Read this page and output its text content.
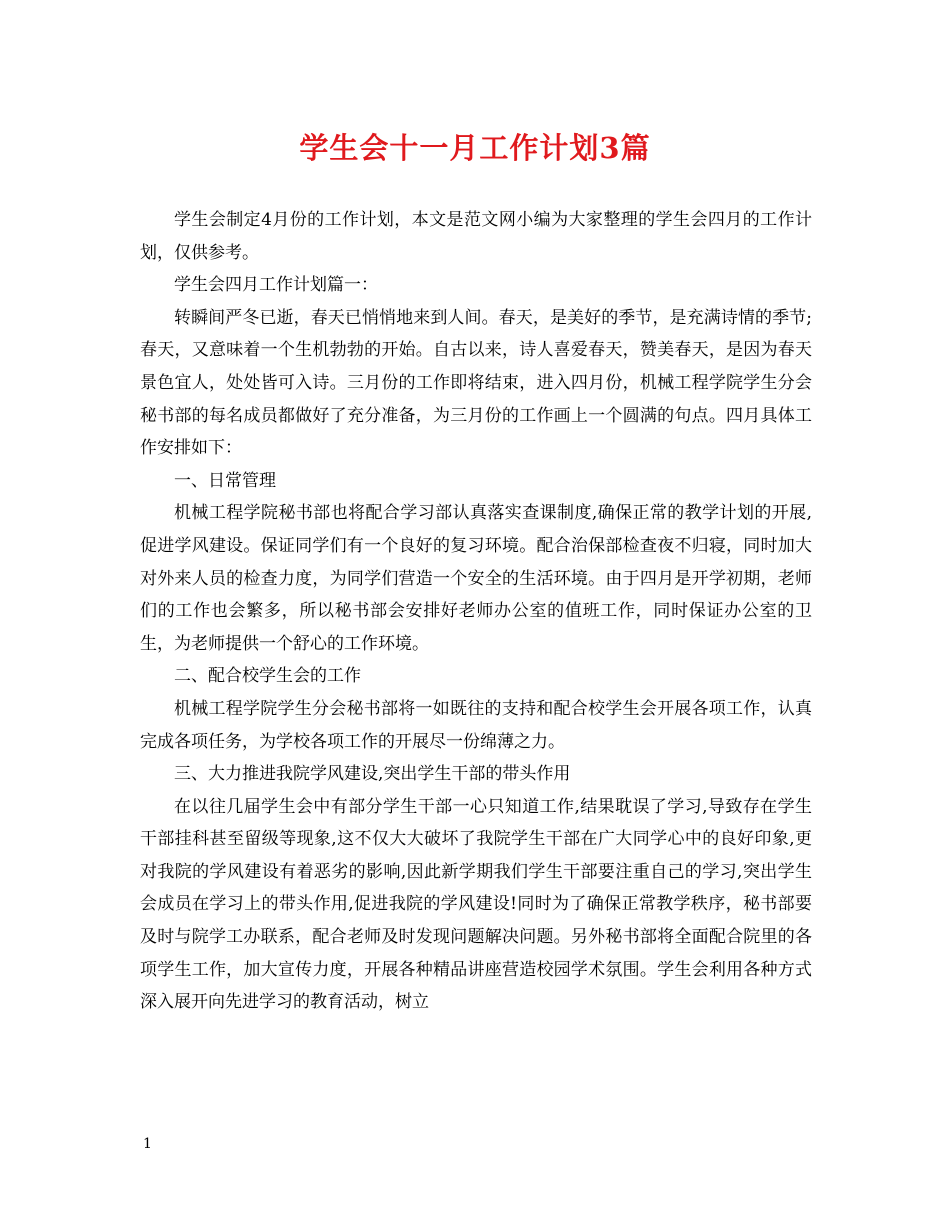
学生会十一月工作计划3篇

学生会制定4月份的工作计划，本文是范文网小编为大家整理的学生会四月的工作计划，仅供参考。

学生会四月工作计划篇一：

转瞬间严冬已逝，春天已悄悄地来到人间。春天，是美好的季节，是充满诗情的季节;春天，又意味着一个生机勃勃的开始。自古以来，诗人喜爱春天，赞美春天，是因为春天景色宜人，处处皆可入诗。三月份的工作即将结束，进入四月份，机械工程学院学生分会秘书部的每名成员都做好了充分准备，为三月份的工作画上一个圆满的句点。四月具体工作安排如下：

一、日常管理

机械工程学院秘书部也将配合学习部认真落实查课制度,确保正常的教学计划的开展,促进学风建设。保证同学们有一个良好的复习环境。配合治保部检查夜不归寝，同时加大对外来人员的检查力度，为同学们营造一个安全的生活环境。由于四月是开学初期，老师们的工作也会繁多，所以秘书部会安排好老师办公室的值班工作，同时保证办公室的卫生，为老师提供一个舒心的工作环境。

二、配合校学生会的工作

机械工程学院学生分会秘书部将一如既往的支持和配合校学生会开展各项工作，认真完成各项任务，为学校各项工作的开展尽一份绵薄之力。

三、大力推进我院学风建设,突出学生干部的带头作用

在以往几届学生会中有部分学生干部一心只知道工作,结果耽误了学习,导致存在学生干部挂科甚至留级等现象,这不仅大大破坏了我院学生干部在广大同学心中的良好印象,更对我院的学风建设有着恶劣的影响,因此新学期我们学生干部要注重自己的学习,突出学生会成员在学习上的带头作用,促进我院的学风建设!同时为了确保正常教学秩序，秘书部要及时与院学工办联系，配合老师及时发现问题解决问题。另外秘书部将全面配合院里的各项学生工作，加大宣传力度，开展各种精品讲座营造校园学术氛围。学生会利用各种方式深入展开向先进学习的教育活动，树立

1
